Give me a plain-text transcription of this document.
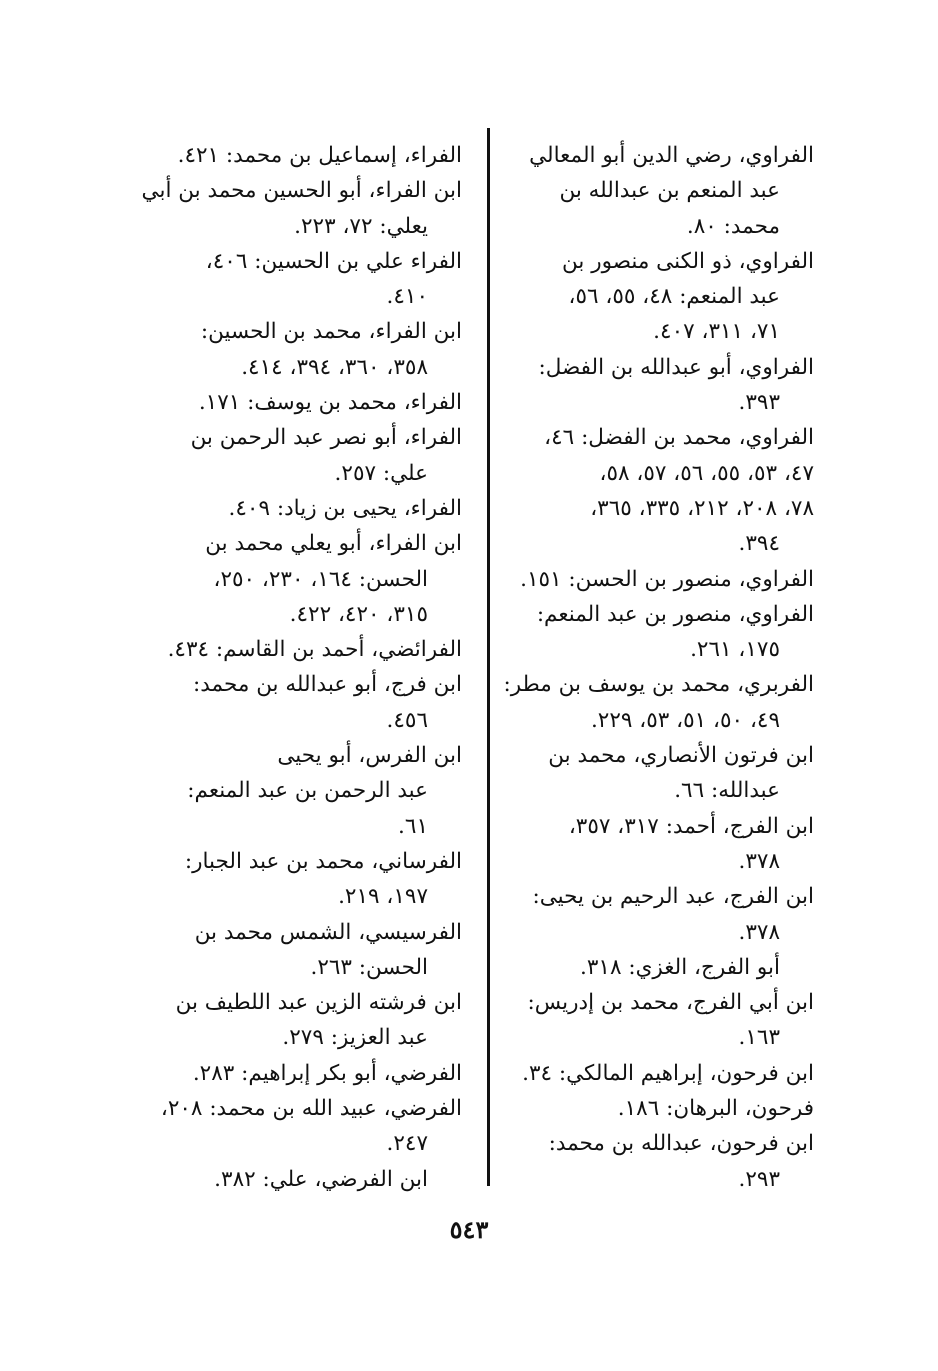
الفراوي، رضي الدين أبو المعالي
عبد المنعم بن عبدالله بن
محمد: ٨٠.
الفراوي، ذو الكنى منصور بن
عبد المنعم: ٤٨، ٥٥، ٥٦،
٧١، ٣١١، ٤٠٧.
الفراوي، أبو عبدالله بن الفضل:
٣٩٣.
الفراوي، محمد بن الفضل: ٤٦،
٤٧، ٥٣، ٥٥، ٥٦، ٥٧، ٥٨،
٧٨، ٢٠٨، ٢١٢، ٣٣٥، ٣٦٥،
٣٩٤.
الفراوي، منصور بن الحسن: ١٥١.
الفراوي، منصور بن عبد المنعم:
١٧٥، ٢٦١.
الفربري، محمد بن يوسف بن مطر:
٤٩، ٥٠، ٥١، ٥٣، ٢٢٩.
ابن فرتون الأنصاري، محمد بن
عبدالله: ٦٦.
ابن الفرج، أحمد: ٣١٧، ٣٥٧،
٣٧٨.
ابن الفرج، عبد الرحيم بن يحيى:
٣٧٨.
أبو الفرج، الغزي: ٣١٨.
ابن أبي الفرج، محمد بن إدريس:
١٦٣.
ابن فرحون، إبراهيم المالكي: ٣٤.
فرحون، البرهان: ١٨٦.
ابن فرحون، عبدالله بن محمد:
٢٩٣.
الفراء، إسماعيل بن محمد: ٤٢١.
ابن الفراء، أبو الحسين محمد بن أبي
يعلي: ٧٢، ٢٢٣.
الفراء علي بن الحسين: ٤٠٦،
٤١٠.
ابن الفراء، محمد بن الحسين:
٣٥٨، ٣٦٠، ٣٩٤، ٤١٤.
الفراء، محمد بن يوسف: ١٧١.
الفراء، أبو نصر عبد الرحمن بن
علي: ٢٥٧.
الفراء، يحيى بن زياد: ٤٠٩.
ابن الفراء، أبو يعلي محمد بن
الحسن: ١٦٤، ٢٣٠، ٢٥٠،
٣١٥، ٤٢٠، ٤٢٢.
الفرائضي، أحمد بن القاسم: ٤٣٤.
ابن فرج، أبو عبدالله بن محمد:
٤٥٦.
ابن الفرس، أبو يحيى
عبد الرحمن بن عبد المنعم:
٦١.
الفرساني، محمد بن عبد الجبار:
١٩٧، ٢١٩.
الفرسيسي، الشمس محمد بن
الحسن: ٢٦٣.
ابن فرشته الزين عبد اللطيف بن
عبد العزيز: ٢٧٩.
الفرضي، أبو بكر إبراهيم: ٢٨٣.
الفرضي، عبيد الله بن محمد: ٢٠٨،
٢٤٧.
ابن الفرضي، علي: ٣٨٢.
٥٤٣
